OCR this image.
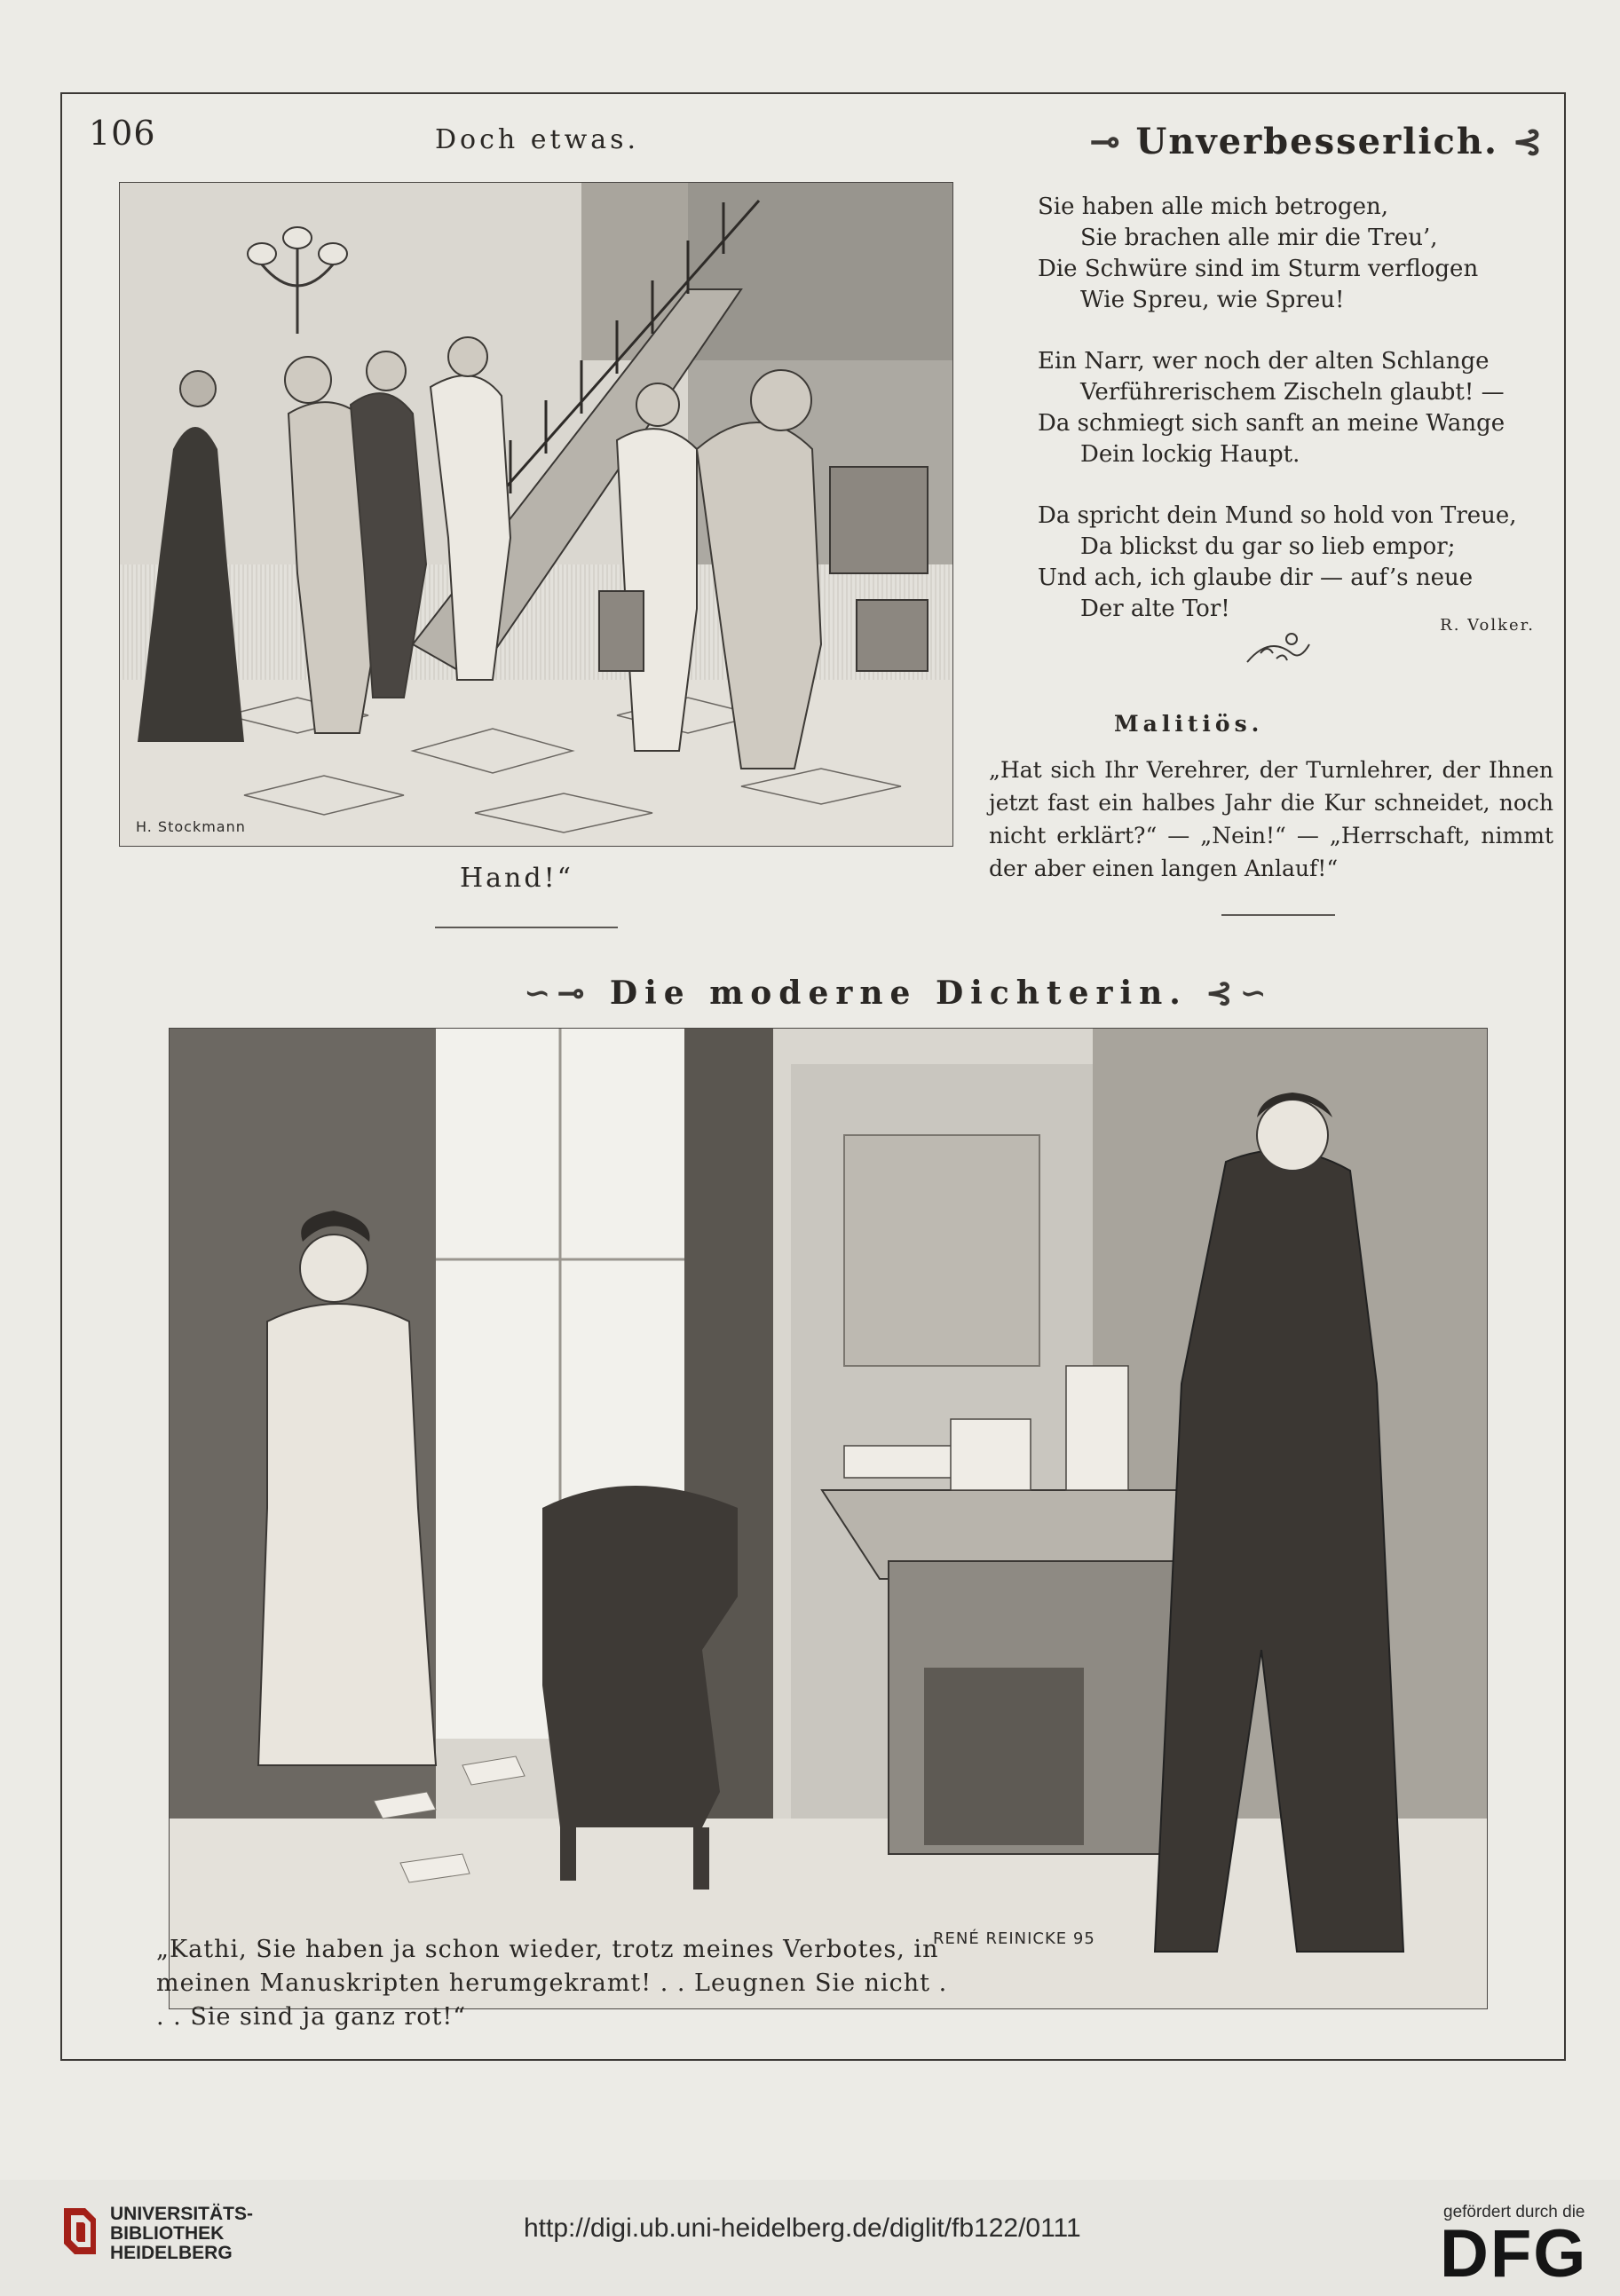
106	Doch etwas.	⊸ Unverbesserlich. ⊰
H. Stockmann
Hand!“
Sie haben alle mich betrogen,
Sie brachen alle mir die Treu’,
Die Schwüre sind im Sturm verflogen
Wie Spreu, wie Spreu!
Ein Narr, wer noch der alten Schlange
Verführerischem Zischeln glaubt! —
Da schmiegt sich sanft an meine Wange
Dein lockig Haupt.
Da spricht dein Mund so hold von Treue,
Da blickst du gar so lieb empor;
Und ach, ich glaube dir — auf’s neue
Der alte Tor!
R. Volker.
Malitiös.
„Hat sich Ihr Verehrer, der Turnlehrer, der Ihnen jetzt fast ein halbes Jahr die Kur schneidet, noch nicht erklärt?“ — „Nein!“ — „Herrschaft, nimmt der aber einen langen Anlauf!“
∽⊸ Die moderne Dichterin. ⊰∽
RENÉ REINICKE 95
„Kathi, Sie haben ja schon wieder, trotz meines Verbotes, in meinen Manuskripten herumgekramt! . . Leugnen Sie nicht . . . Sie sind ja ganz rot!“
UNIVERSITÄTS-
BIBLIOTHEK
HEIDELBERG
http://digi.ub.uni-heidelberg.de/diglit/fb122/0111
gefördert durch die
DFG
